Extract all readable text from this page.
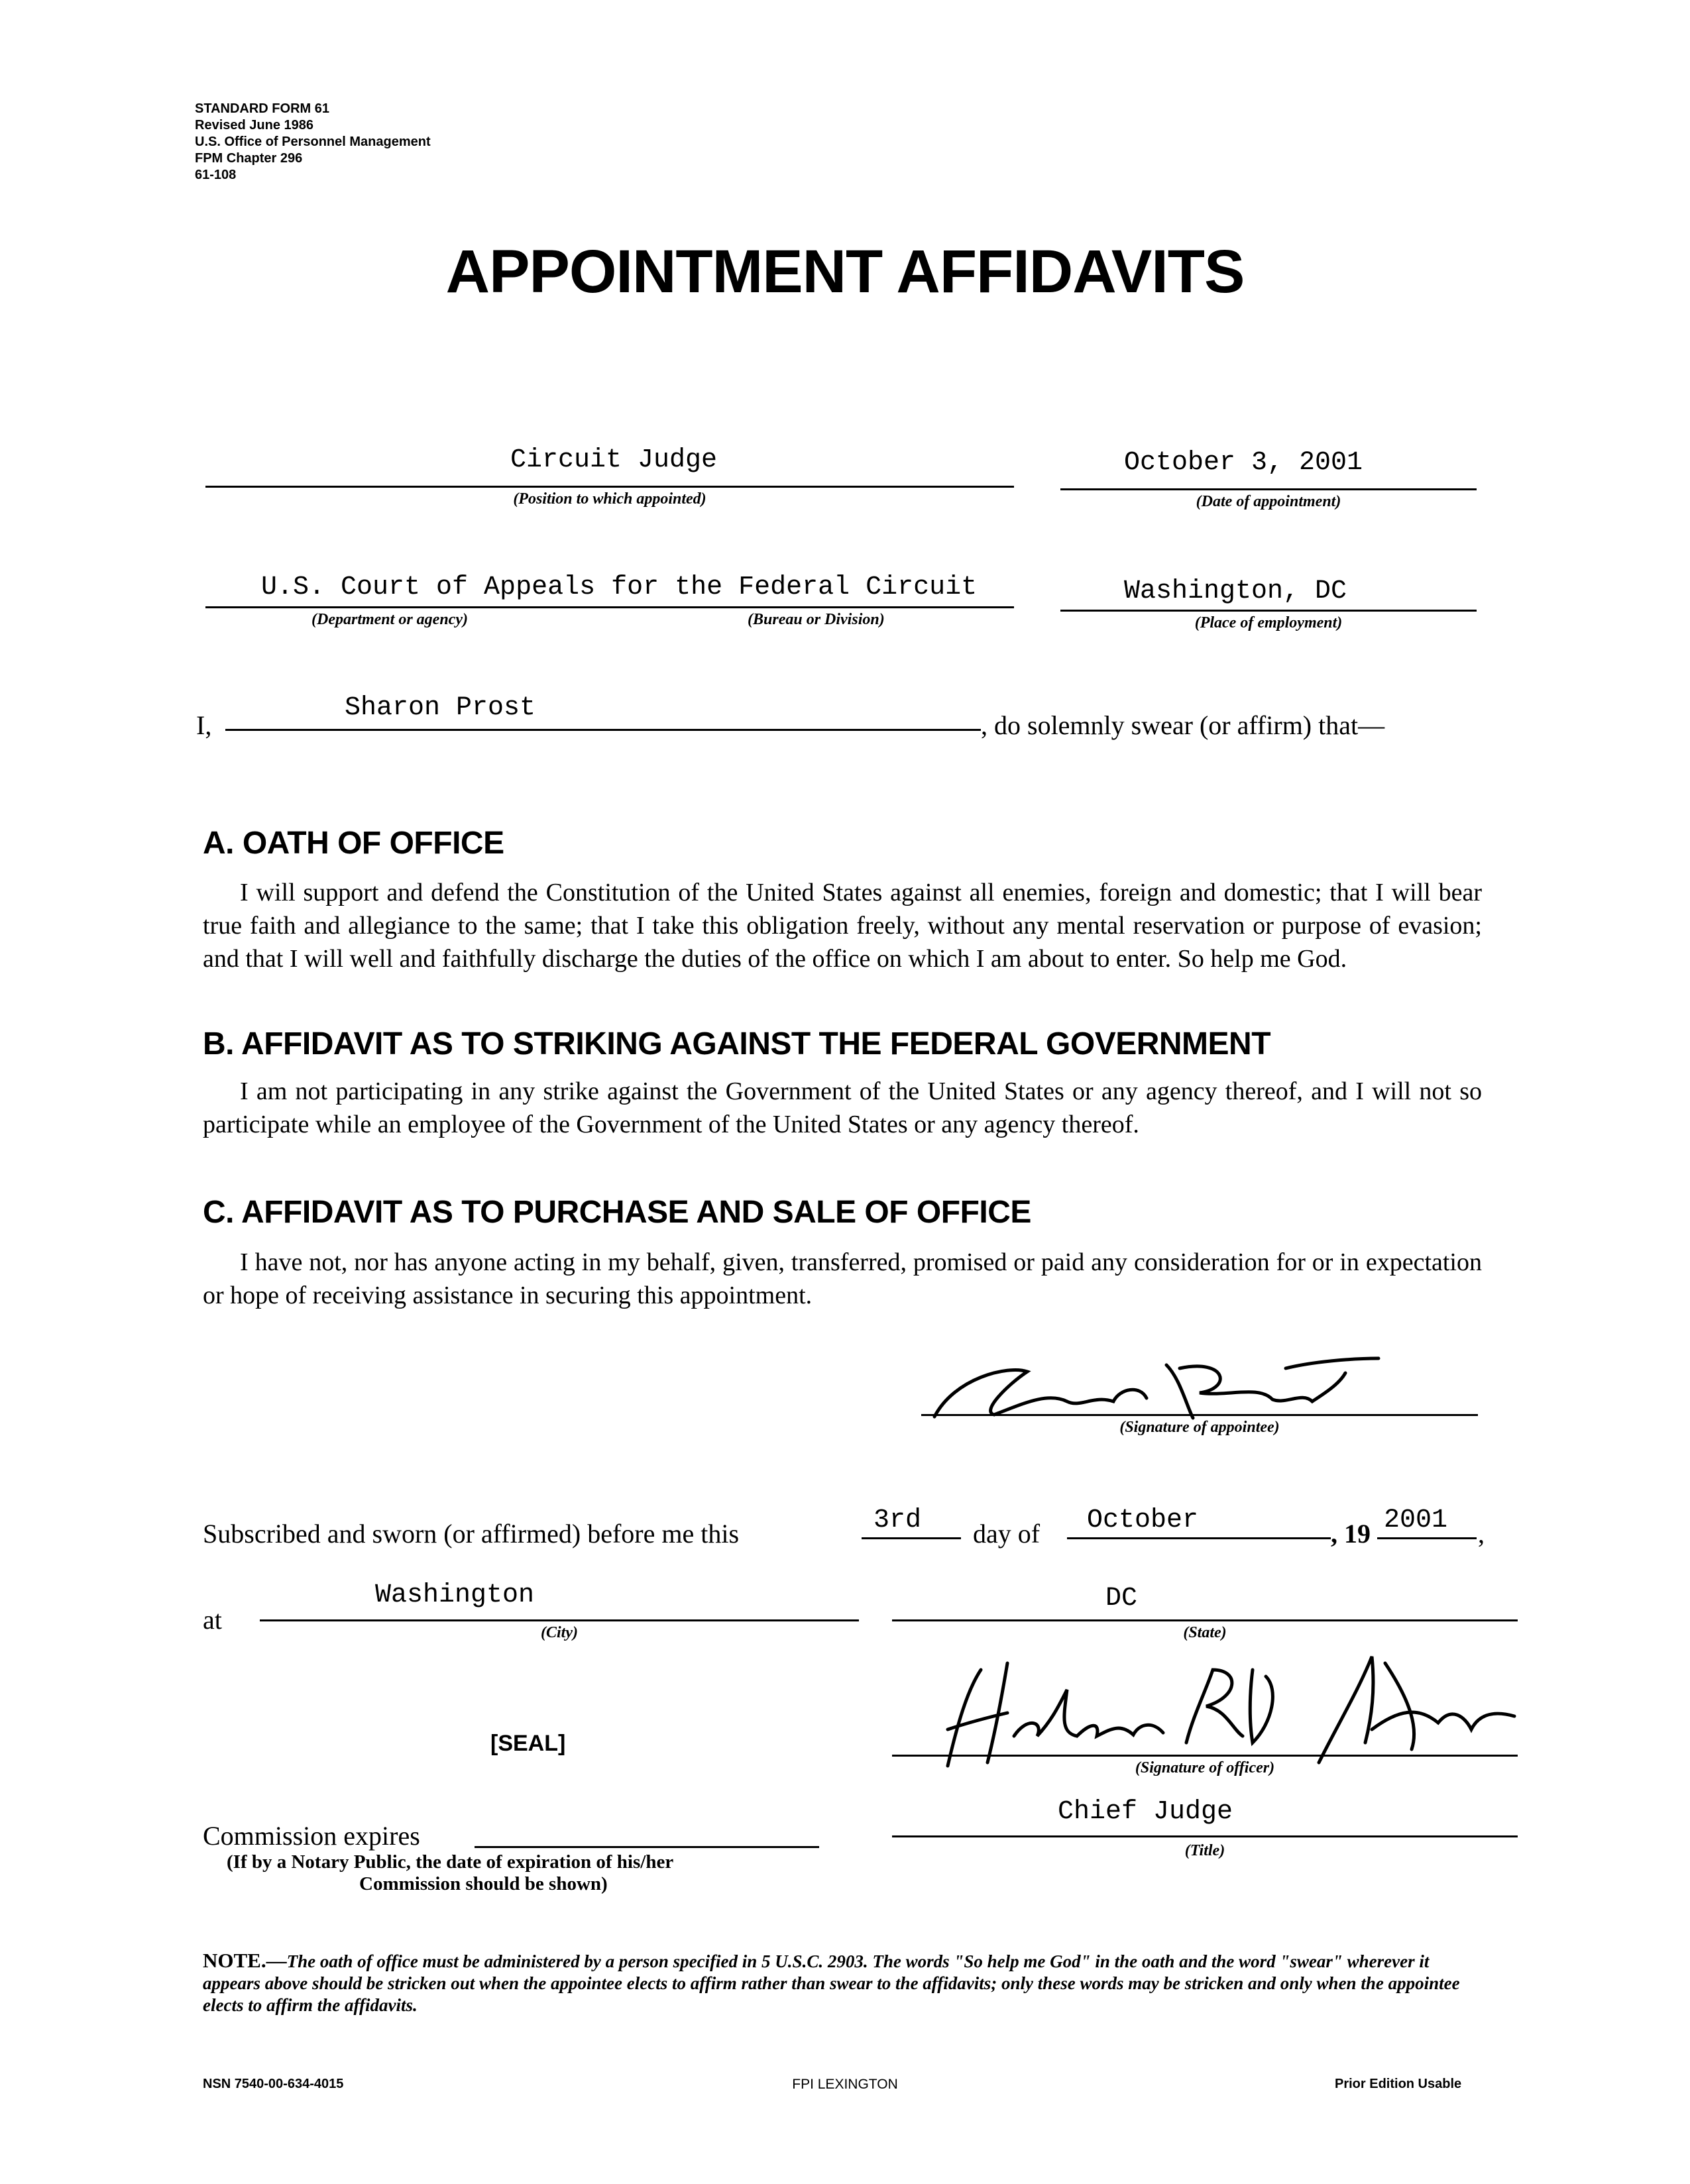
STANDARD FORM 61
Revised June 1986
U.S. Office of Personnel Management
FPM Chapter 296
61-108
APPOINTMENT AFFIDAVITS
Circuit Judge
(Position to which appointed)
October 3, 2001
(Date of appointment)
U.S. Court of Appeals for the Federal Circuit
(Department or agency)	(Bureau or Division)
Washington, DC
(Place of employment)
I,
Sharon Prost
, do solemnly swear (or affirm) that—
A. OATH OF OFFICE
I will support and defend the Constitution of the United States against all enemies, foreign and domestic; that I will bear true faith and allegiance to the same; that I take this obligation freely, without any mental reservation or purpose of evasion; and that I will well and faithfully discharge the duties of the office on which I am about to enter. So help me God.
B. AFFIDAVIT AS TO STRIKING AGAINST THE FEDERAL GOVERNMENT
I am not participating in any strike against the Government of the United States or any agency thereof, and I will not so participate while an employee of the Government of the United States or any agency thereof.
C. AFFIDAVIT AS TO PURCHASE AND SALE OF OFFICE
I have not, nor has anyone acting in my behalf, given, transferred, promised or paid any consideration for or in expectation or hope of receiving assistance in securing this appointment.
(Signature of appointee)
Subscribed and sworn (or affirmed) before me this	3rd day of October	, 19 2001 ,
at
Washington
(City)
DC
(State)
[SEAL]
(Signature of officer)
Commission expires
(If by a Notary Public, the date of expiration of his/her
Commission should be shown)
Chief Judge
(Title)
NOTE.—The oath of office must be administered by a person specified in 5 U.S.C. 2903. The words "So help me God" in the oath and the word "swear" wherever it appears above should be stricken out when the appointee elects to affirm rather than swear to the affidavits; only these words may be stricken and only when the appointee elects to affirm the affidavits.
NSN 7540-00-634-4015	FPI LEXINGTON	Prior Edition Usable
